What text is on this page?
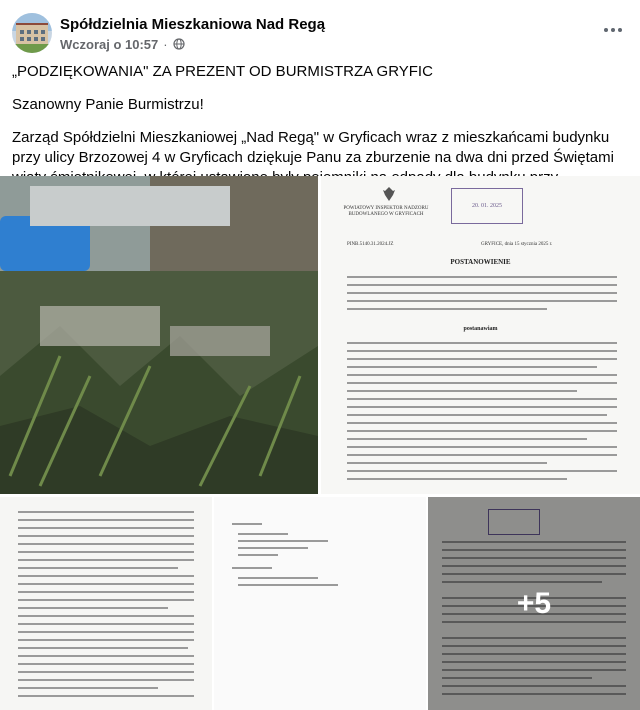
Spółdzielnia Mieszkaniowa Nad Regą
Wczoraj o 10:57 ·

„PODZIĘKOWANIA" ZA PREZENT OD BURMISTRZA GRYFIC

Szanowny Panie Burmistrzu!

Zarząd Spółdzielni Mieszkaniowej „Nad Regą" w Gryficach wraz z mieszkańcami budynku przy ulicy Brzozowej 4 w Gryficach dziękuje Panu za zburzenie na dwa dni przed Świętami

POWIATOWY INSPEKTOR NADZORU BUDOWLANEGO W GRYFICACH
20. 01. 2025
PINB.5140.31.2024.JZ	GRYFICE, dnia 15 stycznia 2025 r.
POSTANOWIENIE
postanawiam
+5
